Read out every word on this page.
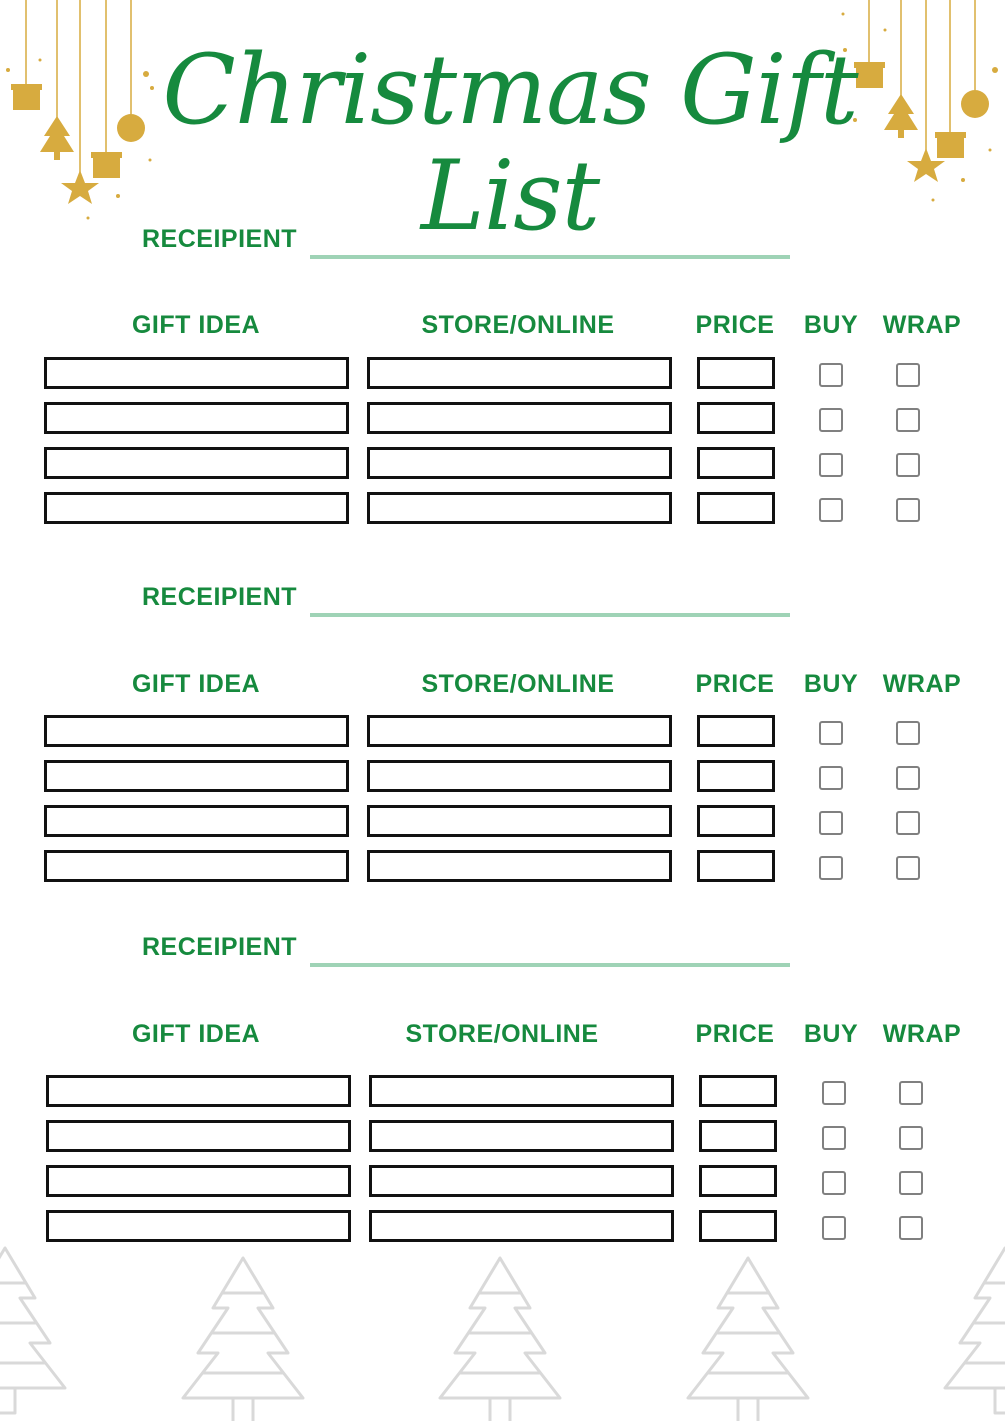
Christmas Gift List
RECEIPIENT
GIFT IDEA	STORE/ONLINE	PRICE	BUY WRAP
RECEIPIENT
GIFT IDEA	STORE/ONLINE	PRICE	BUY WRAP
RECEIPIENT
GIFT IDEA	STORE/ONLINE	PRICE	BUY WRAP
